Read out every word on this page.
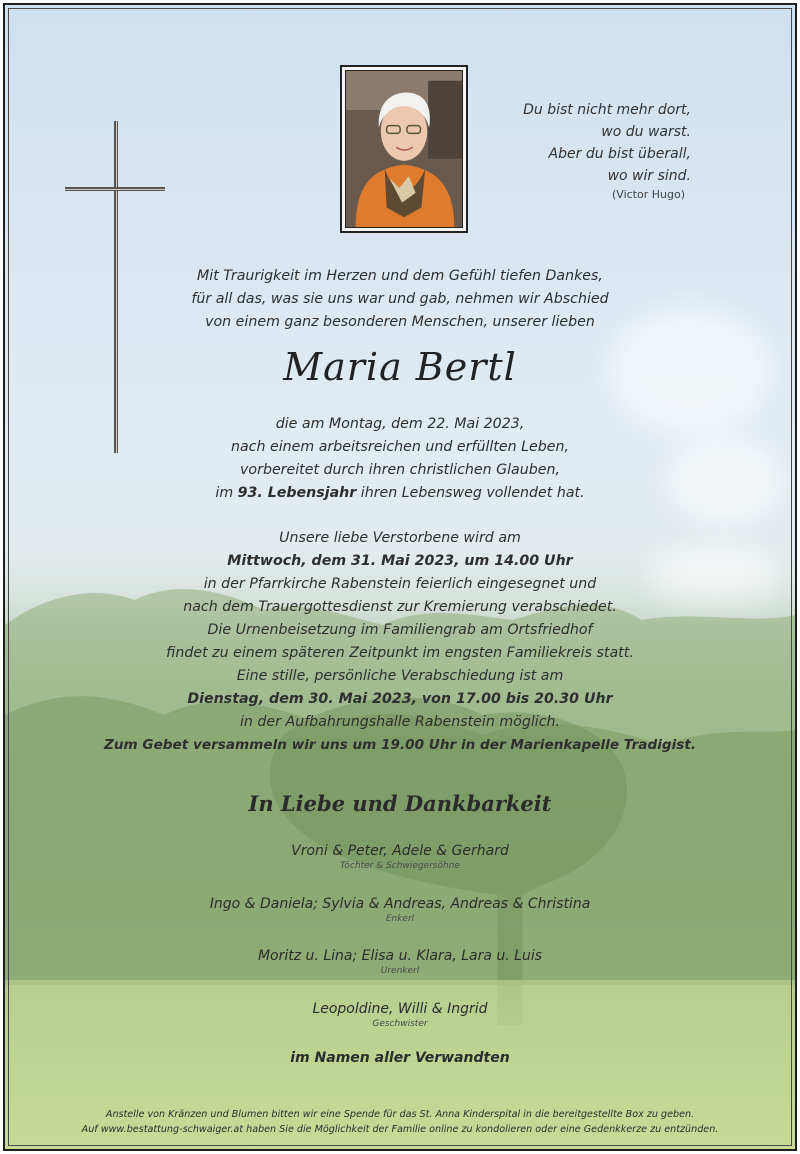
Du bist nicht mehr dort,
wo du warst.
Aber du bist überall,
wo wir sind.
(Victor Hugo)
Mit Traurigkeit im Herzen und dem Gefühl tiefen Dankes,
für all das, was sie uns war und gab, nehmen wir Abschied
von einem ganz besonderen Menschen, unserer lieben
Maria Bertl
die am Montag, dem 22. Mai 2023,
nach einem arbeitsreichen und erfüllten Leben,
vorbereitet durch ihren christlichen Glauben,
im 93. Lebensjahr ihren Lebensweg vollendet hat.
Unsere liebe Verstorbene wird am
Mittwoch, dem 31. Mai 2023, um 14.00 Uhr
in der Pfarrkirche Rabenstein feierlich eingesegnet und
nach dem Trauergottesdienst zur Kremierung verabschiedet.
Die Urnenbeisetzung im Familiengrab am Ortsfriedhof
findet zu einem späteren Zeitpunkt im engsten Familiekreis statt.
Eine stille, persönliche Verabschiedung ist am
Dienstag, dem 30. Mai 2023, von 17.00 bis 20.30 Uhr
in der Aufbahrungshalle Rabenstein möglich.
Zum Gebet versammeln wir uns um 19.00 Uhr in der Marienkapelle Tradigist.
In Liebe und Dankbarkeit
Vroni & Peter, Adele & Gerhard
Töchter & Schwiegersöhne
Ingo & Daniela; Sylvia & Andreas, Andreas & Christina
Enkerl
Moritz u. Lina; Elisa u. Klara, Lara u. Luis
Urenkerl
Leopoldine, Willi & Ingrid
Geschwister
im Namen aller Verwandten
Anstelle von Kränzen und Blumen bitten wir eine Spende für das St. Anna Kinderspital in die bereitgestellte Box zu geben.
Auf www.bestattung-schwaiger.at haben Sie die Möglichkeit der Familie online zu kondolieren oder eine Gedenkkerze zu entzünden.
